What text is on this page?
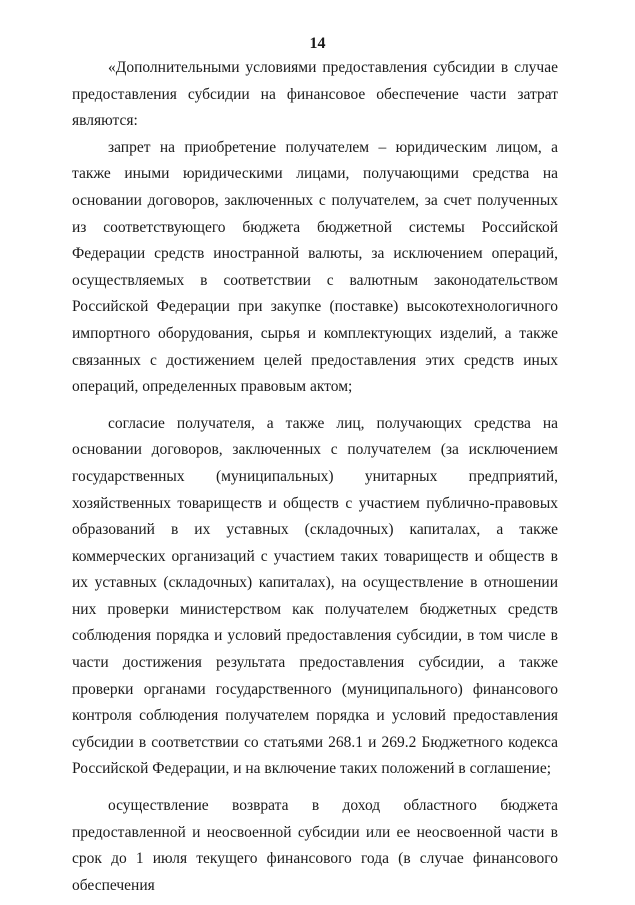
14

«Дополнительными условиями предоставления субсидии в случае предоставления субсидии на финансовое обеспечение части затрат являются:

запрет на приобретение получателем – юридическим лицом, а также иными юридическими лицами, получающими средства на основании договоров, заключенных с получателем, за счет полученных из соответствующего бюджета бюджетной системы Российской Федерации средств иностранной валюты, за исключением операций, осуществляемых в соответствии с валютным законодательством Российской Федерации при закупке (поставке) высокотехнологичного импортного оборудования, сырья и комплектующих изделий, а также связанных с достижением целей предоставления этих средств иных операций, определенных правовым актом;

согласие получателя, а также лиц, получающих средства на основании договоров, заключенных с получателем (за исключением государственных (муниципальных) унитарных предприятий, хозяйственных товариществ и обществ с участием публично-правовых образований в их уставных (складочных) капиталах, а также коммерческих организаций с участием таких товариществ и обществ в их уставных (складочных) капиталах), на осуществление в отношении них проверки министерством как получателем бюджетных средств соблюдения порядка и условий предоставления субсидии, в том числе в части достижения результата предоставления субсидии, а также проверки органами государственного (муниципального) финансового контроля соблюдения получателем порядка и условий предоставления субсидии в соответствии со статьями 268.1 и 269.2 Бюджетного кодекса Российской Федерации, и на включение таких положений в соглашение;

осуществление возврата в доход областного бюджета предоставленной и неосвоенной субсидии или ее неосвоенной части в срок до 1 июля текущего финансового года (в случае финансового обеспечения
